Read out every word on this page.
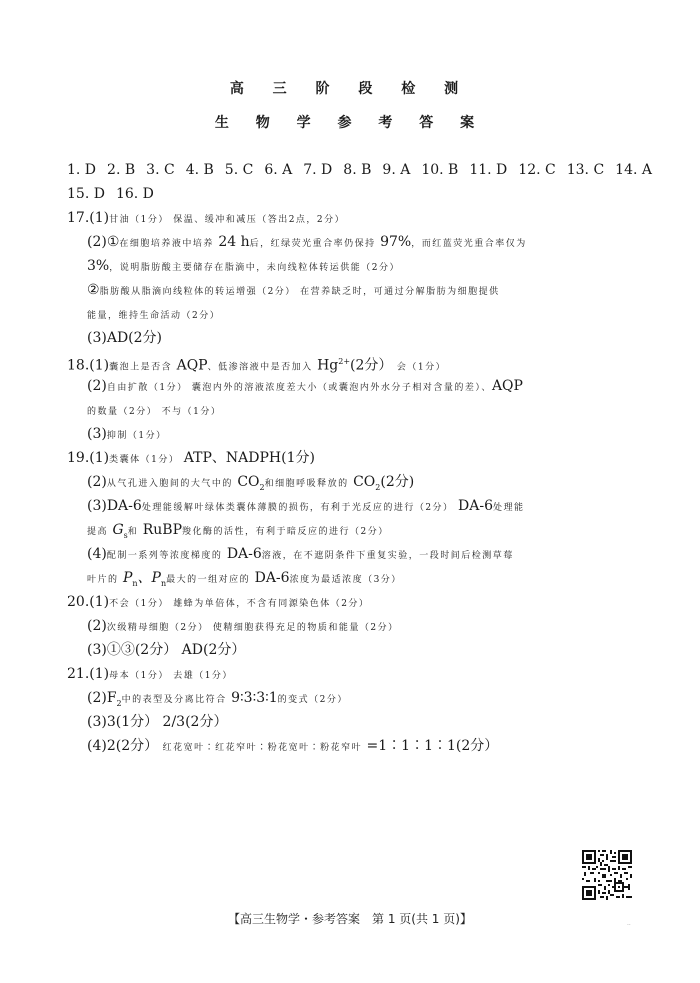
高 三 阶 段 检 测
生 物 学 参 考 答 案
1. D 2. B 3. C 4. B 5. C 6. A 7. D 8. B 9. A 10. B 11. D 12. C 13. C 14. A
15. D 16. D
17.(1)甘油（1分） 保温、缓冲和减压（答出2点，2分）
(2)①在细胞培养液中培养 24 h后，红绿荧光重合率仍保持 97%，而红蓝荧光重合率仅为
3%，说明脂肪酸主要储存在脂滴中，未向线粒体转运供能（2分）
②脂肪酸从脂滴向线粒体的转运增强（2分） 在营养缺乏时，可通过分解脂肪为细胞提供
能量，维持生命活动（2分）
(3)AD(2分)
18.(1)囊泡上是否含 AQP、低渗溶液中是否加入 $Hg^{2+}(2$分） 会（1分）
(2)自由扩散（1分） 囊泡内外的溶液浓度差大小（或囊泡内外水分子相对含量的差）、AQP
的数量（2分） 不与（1分）
(3)抑制（1分）
19.(1)类囊体（1分） ATP、NADPH(1分)
(2)从气孔进入胞间的大气中的 $CO_2$和细胞呼吸释放的 $CO_2(2$分)
(3)DA-6处理能缓解叶绿体类囊体薄膜的损伤，有利于光反应的进行（2分） DA-6处理能
提高 $G_s$和 RuBP羧化酶的活性，有利于暗反应的进行（2分）
(4)配制一系列等浓度梯度的 DA-6溶液，在不遮阴条件下重复实验，一段时间后检测草莓
叶片的 $P_n$、$P_n$最大的一组对应的 DA-6浓度为最适浓度（3分）
20.(1)不会（1分） 雄蜂为单倍体，不含有同源染色体（2分）
(2)次级精母细胞（2分） 使精细胞获得充足的物质和能量（2分）
(3)①③(2分） AD(2分）
21.(1)母本（1分） 去雄（1分）
$(2)F_2$中的表型及分离比符合 9∶3∶3∶1的变式（2分）
(3)3(1分） 2/3(2分）
(4)2(2分） 红花宽叶∶红花窄叶∶粉花宽叶∶粉花窄叶 =1∶1∶1∶1(2分）
【高三生物学・参考答案　第 1 页(共 1 页)】	··
